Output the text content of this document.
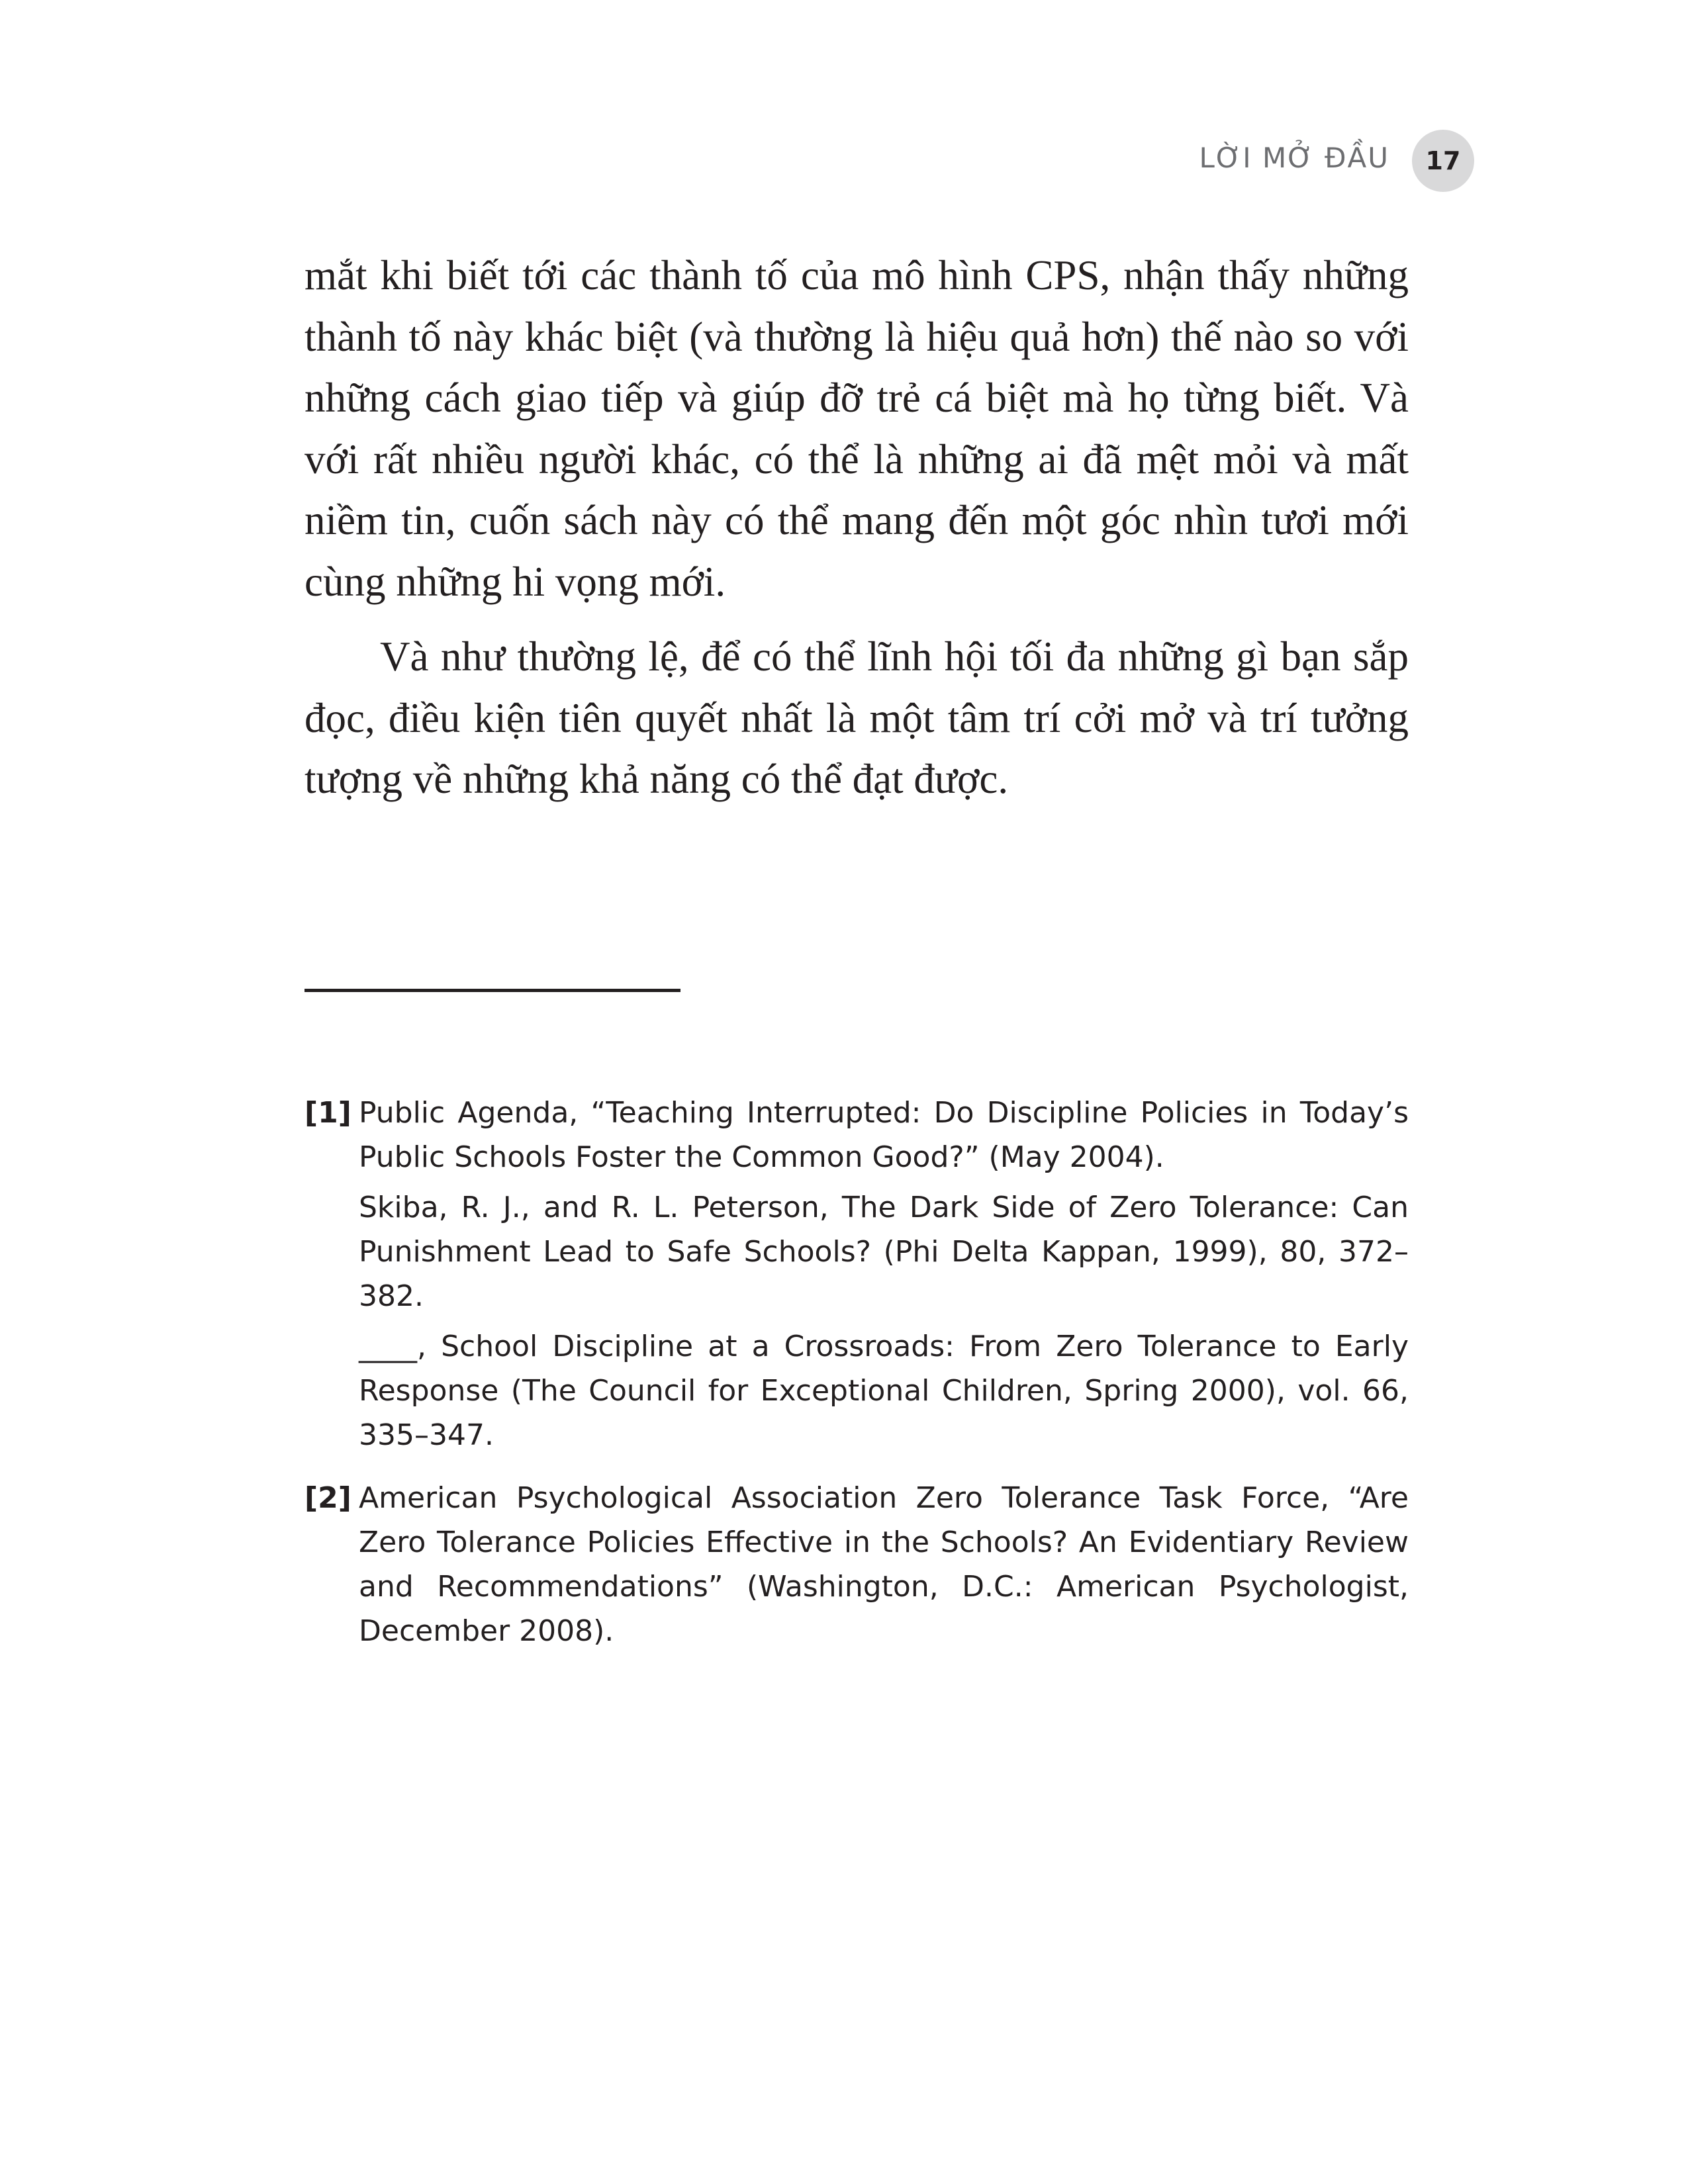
LỜI MỞ ĐẦU	17

mắt khi biết tới các thành tố của mô hình CPS, nhận thấy những thành tố này khác biệt (và thường là hiệu quả hơn) thế nào so với những cách giao tiếp và giúp đỡ trẻ cá biệt mà họ từng biết. Và với rất nhiều người khác, có thể là những ai đã mệt mỏi và mất niềm tin, cuốn sách này có thể mang đến một góc nhìn tươi mới cùng những hi vọng mới.

Và như thường lệ, để có thể lĩnh hội tối đa những gì bạn sắp đọc, điều kiện tiên quyết nhất là một tâm trí cởi mở và trí tưởng tượng về những khả năng có thể đạt được.

[1] Public Agenda, “Teaching Interrupted: Do Discipline Policies in Today’s Public Schools Foster the Common Good?” (May 2004).

Skiba, R. J., and R. L. Peterson, The Dark Side of Zero Tolerance: Can Punishment Lead to Safe Schools? (Phi Delta Kappan, 1999), 80, 372–382.

____, School Discipline at a Crossroads: From Zero Tolerance to Early Response (The Council for Exceptional Children, Spring 2000), vol. 66, 335–347.

[2] American Psychological Association Zero Tolerance Task Force, “Are Zero Tolerance Policies Effective in the Schools? An Evidentiary Review and Recommendations” (Washington, D.C.: American Psychologist, December 2008).
